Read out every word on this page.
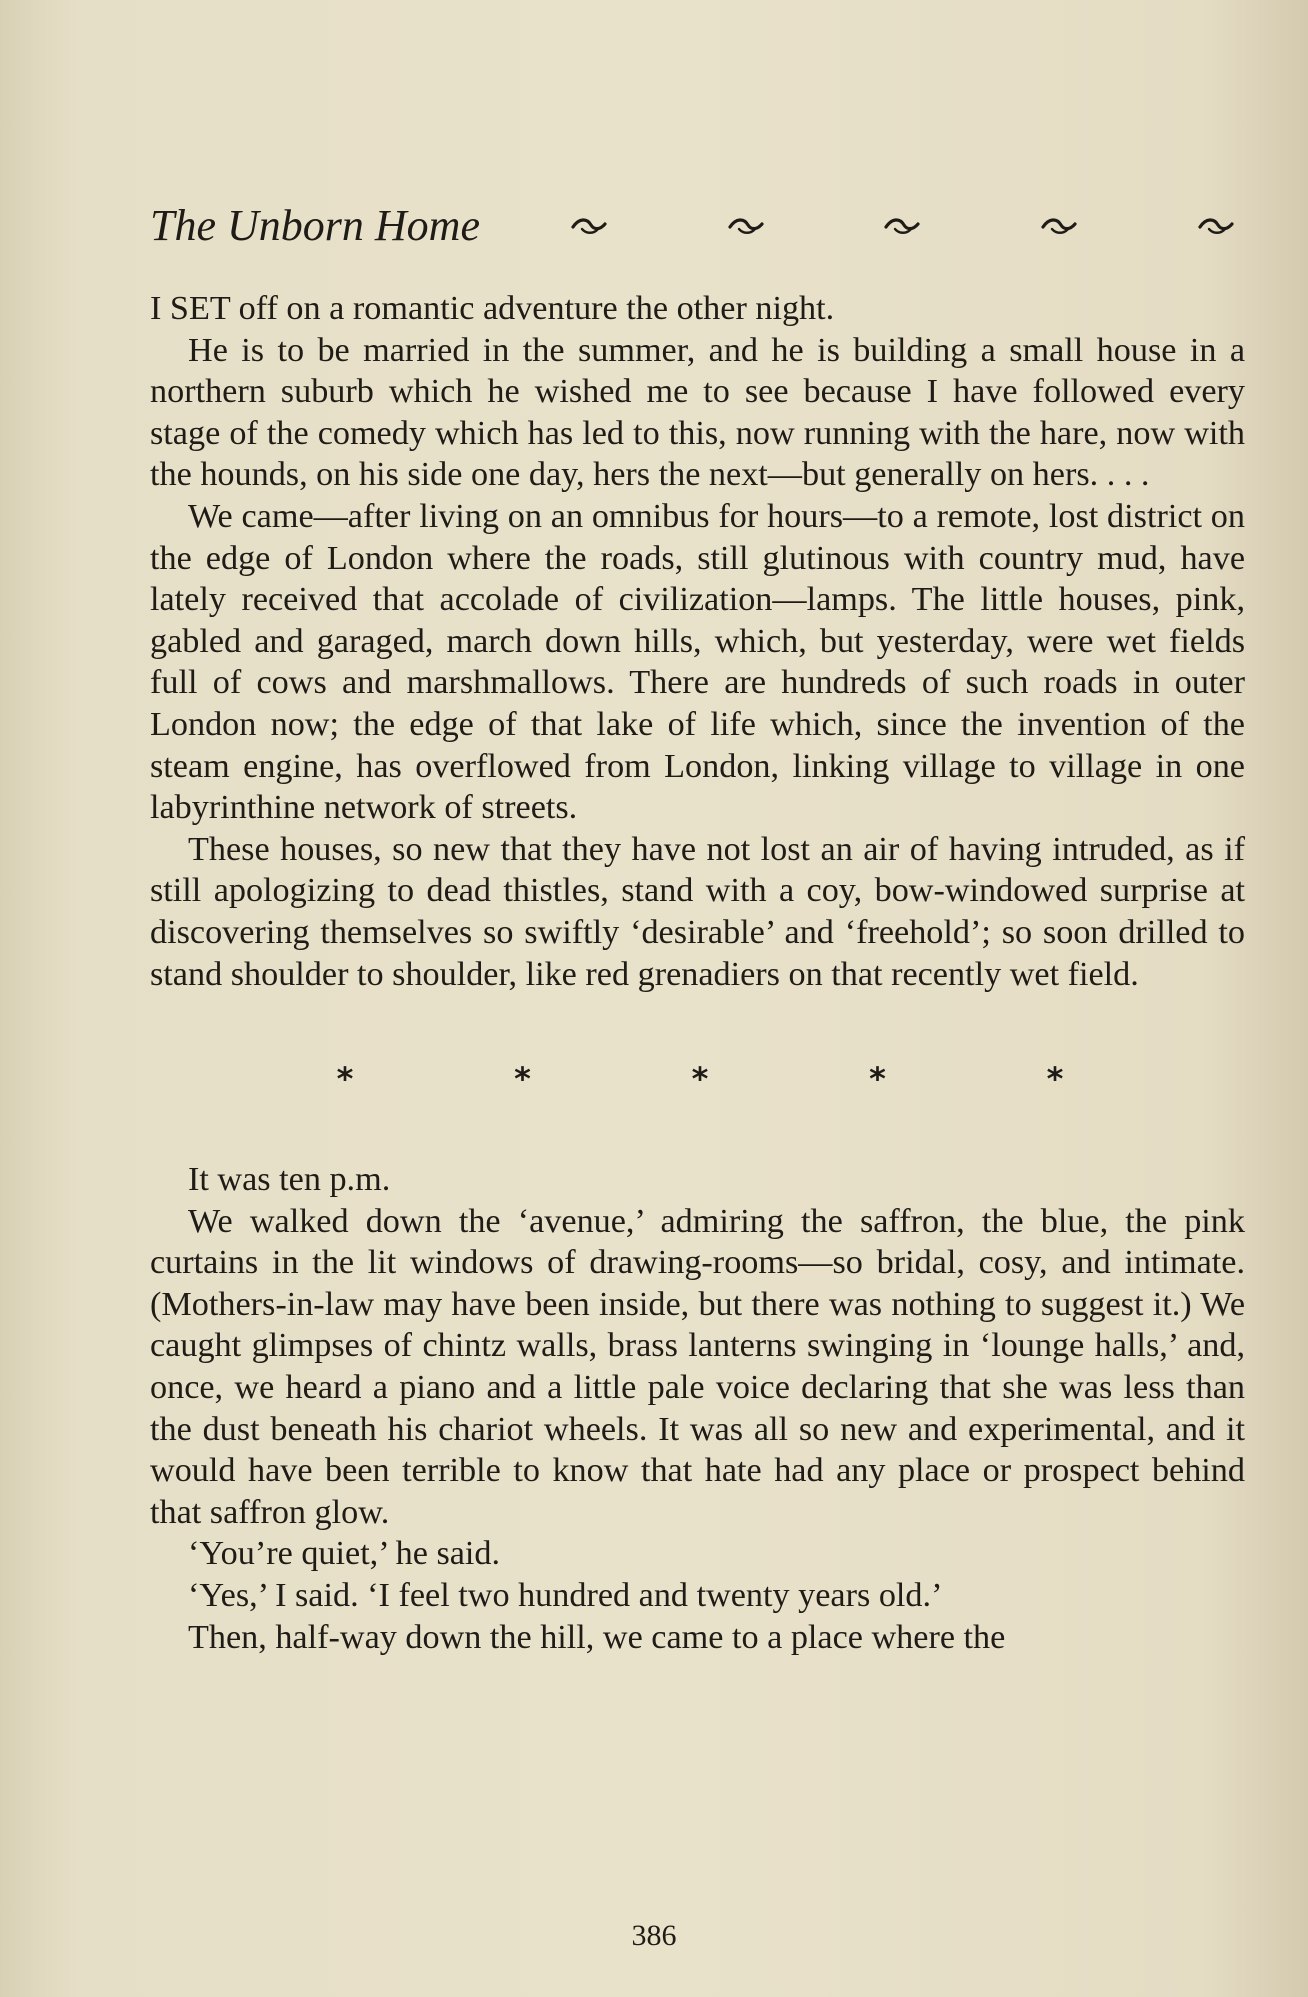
The Unborn Home

I SET off on a romantic adventure the other night.

He is to be married in the summer, and he is building a small house in a northern suburb which he wished me to see because I have followed every stage of the comedy which has led to this, now running with the hare, now with the hounds, on his side one day, hers the next—but generally on hers. . . .

We came—after living on an omnibus for hours—to a remote, lost district on the edge of London where the roads, still glutinous with country mud, have lately received that accolade of civilization—lamps. The little houses, pink, gabled and garaged, march down hills, which, but yesterday, were wet fields full of cows and marshmallows. There are hundreds of such roads in outer London now; the edge of that lake of life which, since the invention of the steam engine, has overflowed from London, linking village to village in one labyrinthine network of streets.

These houses, so new that they have not lost an air of having intruded, as if still apologizing to dead thistles, stand with a coy, bow-windowed surprise at discovering themselves so swiftly ‘desirable’ and ‘freehold’; so soon drilled to stand shoulder to shoulder, like red grenadiers on that recently wet field.

*	*	*	*	*

It was ten p.m.

We walked down the ‘avenue,’ admiring the saffron, the blue, the pink curtains in the lit windows of drawing-rooms—so bridal, cosy, and intimate. (Mothers-in-law may have been inside, but there was nothing to suggest it.) We caught glimpses of chintz walls, brass lanterns swinging in ‘lounge halls,’ and, once, we heard a piano and a little pale voice declaring that she was less than the dust beneath his chariot wheels. It was all so new and experimental, and it would have been terrible to know that hate had any place or prospect behind that saffron glow.

‘You’re quiet,’ he said.

‘Yes,’ I said. ‘I feel two hundred and twenty years old.’

Then, half-way down the hill, we came to a place where the

386
